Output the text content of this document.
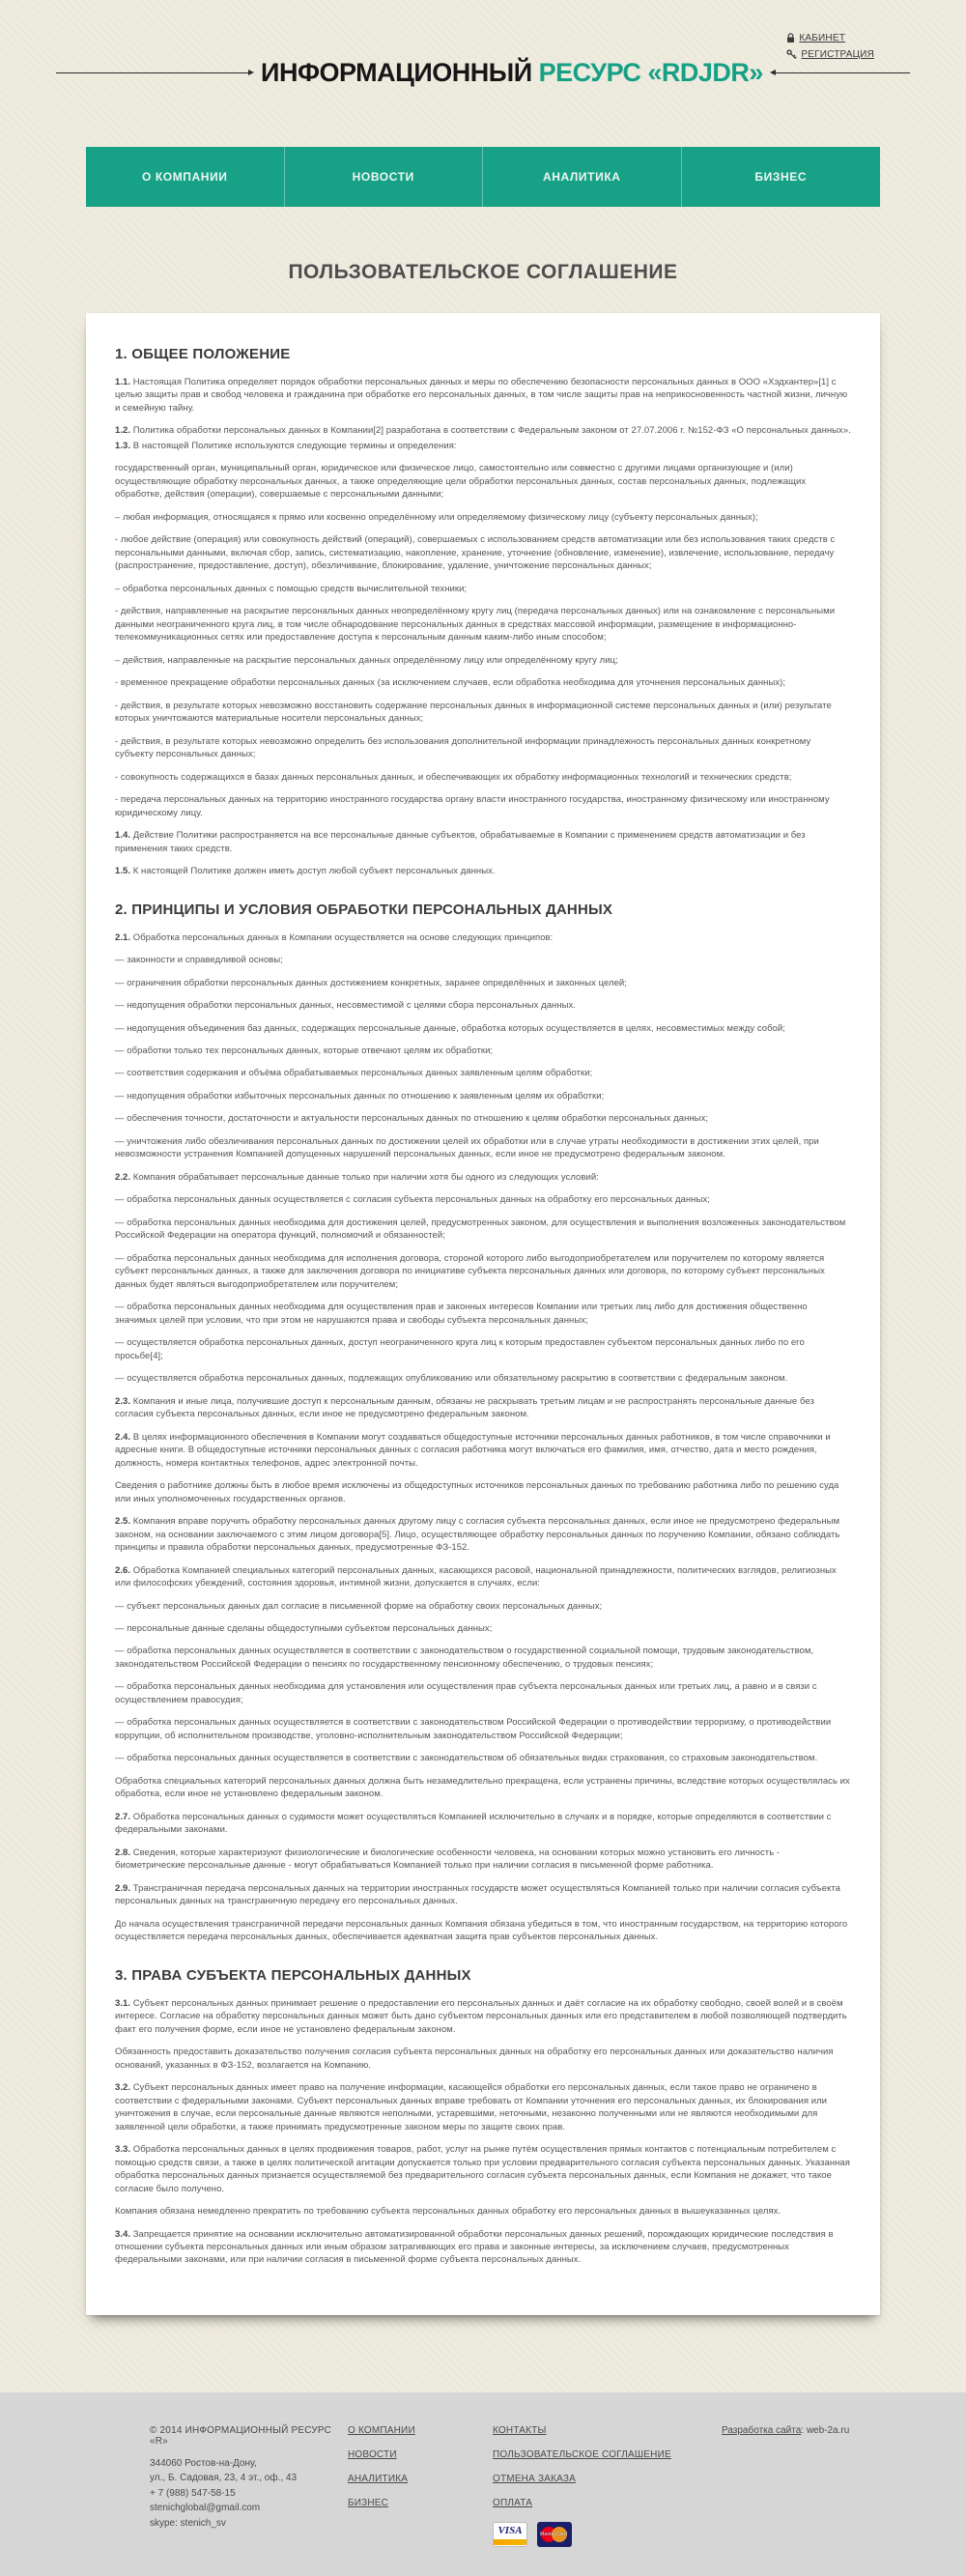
КАБИНЕТ
РЕГИСТРАЦИЯ
ИНФОРМАЦИОННЫЙ РЕСУРС «RDJDR»
О КОМПАНИИ	НОВОСТИ	АНАЛИТИКА	БИЗНЕС
ПОЛЬЗОВАТЕЛЬСКОЕ СОГЛАШЕНИЕ
1. ОБЩЕЕ ПОЛОЖЕНИЕ

1.1. Настоящая Политика определяет порядок обработки персональных данных и меры по обеспечению безопасности персональных данных в ООО «Хэдхантер»[1] с целью защиты прав и свобод человека и гражданина при обработке его персональных данных, в том числе защиты прав на неприкосновенность частной жизни, личную и семейную тайну.

1.2. Политика обработки персональных данных в Компании[2] разработана в соответствии с Федеральным законом от 27.07.2006 г. №152-ФЗ «О персональных данных».

1.3. В настоящей Политике используются следующие термины и определения:

государственный орган, муниципальный орган, юридическое или физическое лицо, самостоятельно или совместно с другими лицами организующие и (или) осуществляющие обработку персональных данных, а также определяющие цели обработки персональных данных, состав персональных данных, подлежащих обработке, действия (операции), совершаемые с персональными данными;

– любая информация, относящаяся к прямо или косвенно определённому или определяемому физическому лицу (субъекту персональных данных);

- любое действие (операция) или совокупность действий (операций), совершаемых с использованием средств автоматизации или без использования таких средств с персональными данными, включая сбор, запись, систематизацию, накопление, хранение, уточнение (обновление, изменение), извлечение, использование, передачу (распространение, предоставление, доступ), обезличивание, блокирование, удаление, уничтожение персональных данных;

– обработка персональных данных с помощью средств вычислительной техники;

- действия, направленные на раскрытие персональных данных неопределённому кругу лиц (передача персональных данных) или на ознакомление с персональными данными неограниченного круга лиц, в том числе обнародование персональных данных в средствах массовой информации, размещение в информационно-телекоммуникационных сетях или предоставление доступа к персональным данным каким-либо иным способом;

– действия, направленные на раскрытие персональных данных определённому лицу или определённому кругу лиц;

- временное прекращение обработки персональных данных (за исключением случаев, если обработка необходима для уточнения персональных данных);

- действия, в результате которых невозможно восстановить содержание персональных данных в информационной системе персональных данных и (или) результате которых уничтожаются материальные носители персональных данных;

- действия, в результате которых невозможно определить без использования дополнительной информации принадлежность персональных данных конкретному субъекту персональных данных;

- совокупность содержащихся в базах данных персональных данных, и обеспечивающих их обработку информационных технологий и технических средств;

- передача персональных данных на территорию иностранного государства органу власти иностранного государства, иностранному физическому или иностранному юридическому лицу.

1.4. Действие Политики распространяется на все персональные данные субъектов, обрабатываемые в Компании с применением средств автоматизации и без применения таких средств.

1.5. К настоящей Политике должен иметь доступ любой субъект персональных данных.

2. ПРИНЦИПЫ И УСЛОВИЯ ОБРАБОТКИ ПЕРСОНАЛЬНЫХ ДАННЫХ

2.1. Обработка персональных данных в Компании осуществляется на основе следующих принципов:

— законности и справедливой основы;

— ограничения обработки персональных данных достижением конкретных, заранее определённых и законных целей;

— недопущения обработки персональных данных, несовместимой с целями сбора персональных данных.

— недопущения объединения баз данных, содержащих персональные данные, обработка которых осуществляется в целях, несовместимых между собой;

— обработки только тех персональных данных, которые отвечают целям их обработки;

— соответствия содержания и объёма обрабатываемых персональных данных заявленным целям обработки;

— недопущения обработки избыточных персональных данных по отношению к заявленным целям их обработки;

— обеспечения точности, достаточности и актуальности персональных данных по отношению к целям обработки персональных данных;

— уничтожения либо обезличивания персональных данных по достижении целей их обработки или в случае утраты необходимости в достижении этих целей, при невозможности устранения Компанией допущенных нарушений персональных данных, если иное не предусмотрено федеральным законом.

2.2. Компания обрабатывает персональные данные только при наличии хотя бы одного из следующих условий:

— обработка персональных данных осуществляется с согласия субъекта персональных данных на обработку его персональных данных;

— обработка персональных данных необходима для достижения целей, предусмотренных законом, для осуществления и выполнения возложенных законодательством Российской Федерации на оператора функций, полномочий и обязанностей;

— обработка персональных данных необходима для исполнения договора, стороной которого либо выгодоприобретателем или поручителем по которому является субъект персональных данных, а также для заключения договора по инициативе субъекта персональных данных или договора, по которому субъект персональных данных будет являться выгодоприобретателем или поручителем;

— обработка персональных данных необходима для осуществления прав и законных интересов Компании или третьих лиц либо для достижения общественно значимых целей при условии, что при этом не нарушаются права и свободы субъекта персональных данных;

— осуществляется обработка персональных данных, доступ неограниченного круга лиц к которым предоставлен субъектом персональных данных либо по его просьбе[4];

— осуществляется обработка персональных данных, подлежащих опубликованию или обязательному раскрытию в соответствии с федеральным законом.

2.3. Компания и иные лица, получившие доступ к персональным данным, обязаны не раскрывать третьим лицам и не распространять персональные данные без согласия субъекта персональных данных, если иное не предусмотрено федеральным законом.

2.4. В целях информационного обеспечения в Компании могут создаваться общедоступные источники персональных данных работников, в том числе справочники и адресные книги. В общедоступные источники персональных данных с согласия работника могут включаться его фамилия, имя, отчество, дата и место рождения, должность, номера контактных телефонов, адрес электронной почты.

Сведения о работнике должны быть в любое время исключены из общедоступных источников персональных данных по требованию работника либо по решению суда или иных уполномоченных государственных органов.

2.5. Компания вправе поручить обработку персональных данных другому лицу с согласия субъекта персональных данных, если иное не предусмотрено федеральным законом, на основании заключаемого с этим лицом договора[5]. Лицо, осуществляющее обработку персональных данных по поручению Компании, обязано соблюдать принципы и правила обработки персональных данных, предусмотренные ФЗ-152.

2.6. Обработка Компанией специальных категорий персональных данных, касающихся расовой, национальной принадлежности, политических взглядов, религиозных или философских убеждений, состояния здоровья, интимной жизни, допускается в случаях, если:

— субъект персональных данных дал согласие в письменной форме на обработку своих персональных данных;

— персональные данные сделаны общедоступными субъектом персональных данных;

— обработка персональных данных осуществляется в соответствии с законодательством о государственной социальной помощи, трудовым законодательством, законодательством Российской Федерации о пенсиях по государственному пенсионному обеспечению, о трудовых пенсиях;

— обработка персональных данных необходима для установления или осуществления прав субъекта персональных данных или третьих лиц, а равно и в связи с осуществлением правосудия;

— обработка персональных данных осуществляется в соответствии с законодательством Российской Федерации о противодействии терроризму, о противодействии коррупции, об исполнительном производстве, уголовно-исполнительным законодательством Российской Федерации;

— обработка персональных данных осуществляется в соответствии с законодательством об обязательных видах страхования, со страховым законодательством.

Обработка специальных категорий персональных данных должна быть незамедлительно прекращена, если устранены причины, вследствие которых осуществлялась их обработка, если иное не установлено федеральным законом.

2.7. Обработка персональных данных о судимости может осуществляться Компанией исключительно в случаях и в порядке, которые определяются в соответствии с федеральными законами.

2.8. Сведения, которые характеризуют физиологические и биологические особенности человека, на основании которых можно установить его личность - биометрические персональные данные - могут обрабатываться Компанией только при наличии согласия в письменной форме работника.

2.9. Трансграничная передача персональных данных на территории иностранных государств может осуществляться Компанией только при наличии согласия субъекта персональных данных на трансграничную передачу его персональных данных.

До начала осуществления трансграничной передачи персональных данных Компания обязана убедиться в том, что иностранным государством, на территорию которого осуществляется передача персональных данных, обеспечивается адекватная защита прав субъектов персональных данных.

3. ПРАВА СУБЪЕКТА ПЕРСОНАЛЬНЫХ ДАННЫХ

3.1. Субъект персональных данных принимает решение о предоставлении его персональных данных и даёт согласие на их обработку свободно, своей волей и в своём интересе. Согласие на обработку персональных данных может быть дано субъектом персональных данных или его представителем в любой позволяющей подтвердить факт его получения форме, если иное не установлено федеральным законом.

Обязанность предоставить доказательство получения согласия субъекта персональных данных на обработку его персональных данных или доказательство наличия оснований, указанных в ФЗ-152, возлагается на Компанию.

3.2. Субъект персональных данных имеет право на получение информации, касающейся обработки его персональных данных, если такое право не ограничено в соответствии с федеральными законами. Субъект персональных данных вправе требовать от Компании уточнения его персональных данных, их блокирования или уничтожения в случае, если персональные данные являются неполными, устаревшими, неточными, незаконно полученными или не являются необходимыми для заявленной цели обработки, а также принимать предусмотренные законом меры по защите своих прав.

3.3. Обработка персональных данных в целях продвижения товаров, работ, услуг на рынке путём осуществления прямых контактов с потенциальным потребителем с помощью средств связи, а также в целях политической агитации допускается только при условии предварительного согласия субъекта персональных данных. Указанная обработка персональных данных признается осуществляемой без предварительного согласия субъекта персональных данных, если Компания не докажет, что такое согласие было получено.

Компания обязана немедленно прекратить по требованию субъекта персональных данных обработку его персональных данных в вышеуказанных целях.

3.4. Запрещается принятие на основании исключительно автоматизированной обработки персональных данных решений, порождающих юридические последствия в отношении субъекта персональных данных или иным образом затрагивающих его права и законные интересы, за исключением случаев, предусмотренных федеральными законами, или при наличии согласия в письменной форме субъекта персональных данных.

© 2014 ИНФОРМАЦИОННЫЙ РЕСУРС «R»
344060 Ростов-на-Дону,
ул., Б. Садовая, 23, 4 эт., оф., 43
+ 7 (988) 547-58-15
stenichglobal@gmail.com
skype: stenich_sv
О КОМПАНИИ
НОВОСТИ
АНАЛИТИКА
БИЗНЕС
КОНТАКТЫ
ПОЛЬЗОВАТЕЛЬСКОЕ СОГЛАШЕНИЕ
ОТМЕНА ЗАКАЗА
ОПЛАТА
VISA	MasterCard
Разработка сайта: web-2a.ru
